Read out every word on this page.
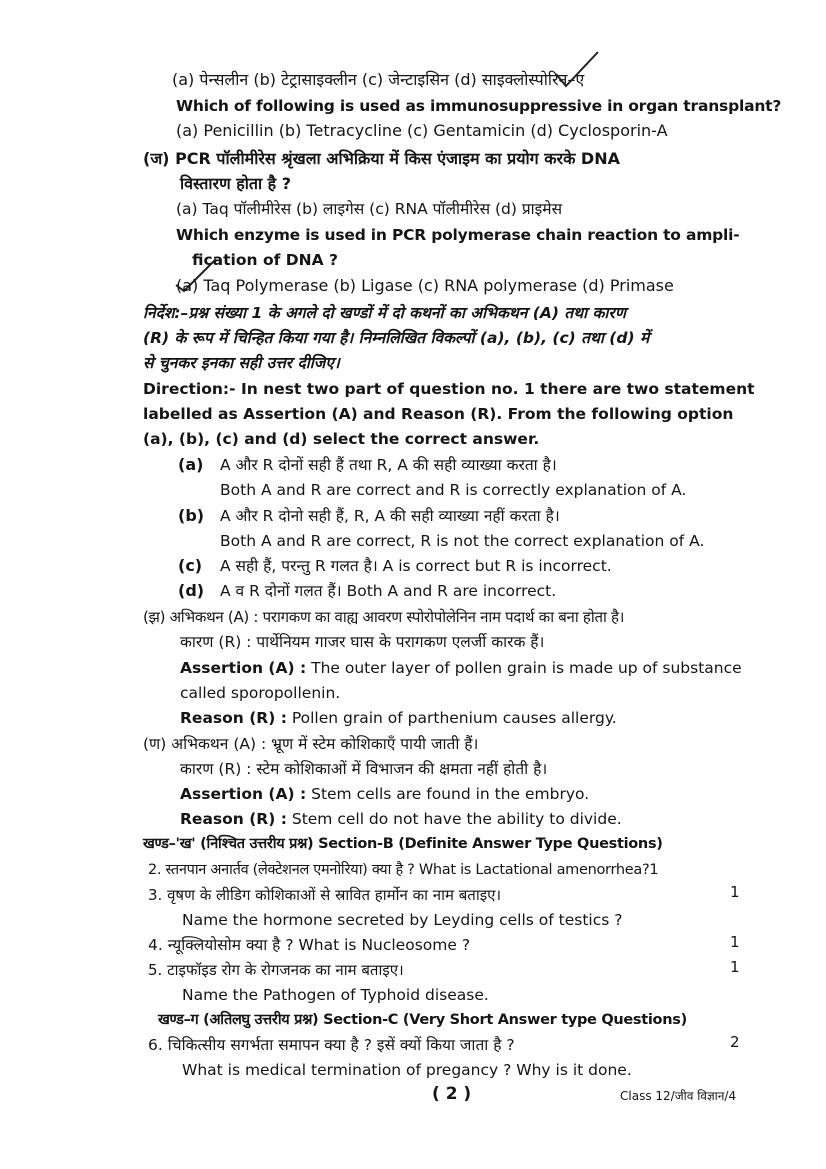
(a) पेन्सलीन (b) टेट्रासाइक्लीन (c) जेन्टाइसिन (d) साइक्लोस्पोरिन–ए
Which of following is used as immunosuppressive in organ transplant?
(a) Penicillin (b) Tetracycline (c) Gentamicin (d) Cyclosporin-A
(ज) PCR पॉलीमीरेस श्रृंखला अभिक्रिया में किस एंजाइम का प्रयोग करके DNA
विस्तारण होता है ?
(a) Taq पॉलीमीरेस (b) लाइगेस (c) RNA पॉलीमीरेस (d) प्राइमेस
Which enzyme is used in PCR polymerase chain reaction to ampli-
fication of DNA ?
(a) Taq Polymerase (b) Ligase (c) RNA polymerase (d) Primase
निर्देश:–प्रश्न संख्या 1 के अगले दो खण्डों में दो कथनों का अभिकथन (A) तथा कारण
(R) के रूप में चिन्हित किया गया है। निम्नलिखित विकल्पों (a), (b), (c) तथा (d) में
से चुनकर इनका सही उत्तर दीजिए।
Direction:- In nest two part of question no. 1 there are two statement
labelled as Assertion (A) and Reason (R). From the following option
(a), (b), (c) and (d) select the correct answer.
(a) A और R दोनों सही हैं तथा R, A की सही व्याख्या करता है।
Both A and R are correct and R is correctly explanation of A.
(b) A और R दोनो सही हैं, R, A की सही व्याख्या नहीं करता है।
Both A and R are correct, R is not the correct explanation of A.
(c) A सही हैं, परन्तु R गलत है। A is correct but R is incorrect.
(d) A व R दोनों गलत हैं। Both A and R are incorrect.
(झ) अभिकथन (A) : परागकण का वाह्य आवरण स्पोरोपोलेनिन नाम पदार्थ का बना होता है।
कारण (R) : पार्थेनियम गाजर घास के परागकण एलर्जी कारक हैं।
Assertion (A) : The outer layer of pollen grain is made up of substance
called sporopollenin.
Reason (R) : Pollen grain of parthenium causes allergy.
(ण) अभिकथन (A) : भ्रूण में स्टेम कोशिकाएँ पायी जाती हैं।
कारण (R) : स्टेम कोशिकाओं में विभाजन की क्षमता नहीं होती है।
Assertion (A) : Stem cells are found in the embryo.
Reason (R) : Stem cell do not have the ability to divide.
खण्ड–'ख' (निश्चित उत्तरीय प्रश्न) Section-B (Definite Answer Type Questions)
2. स्तनपान अनार्तव (लेक्टेशनल एमनोरिया) क्या है ? What is Lactational amenorrhea?1
3. वृषण के लीडिग कोशिकाओं से स्रावित हार्मोन का नाम बताइए।	1
Name the hormone secreted by Leyding cells of testics ?
4. न्यूक्लियोसोम क्या है ? What is Nucleosome ?	1
5. टाइफॉइड रोग के रोगजनक का नाम बताइए।	1
Name the Pathogen of Typhoid disease.
खण्ड–ग (अतिलघु उत्तरीय प्रश्न) Section-C (Very Short Answer type Questions)
6. चिकित्सीय सगर्भता समापन क्या है ? इसें क्यों किया जाता है ?	2
What is medical termination of pregancy ? Why is it done.
( 2 )	Class 12/जीव विज्ञान/4
